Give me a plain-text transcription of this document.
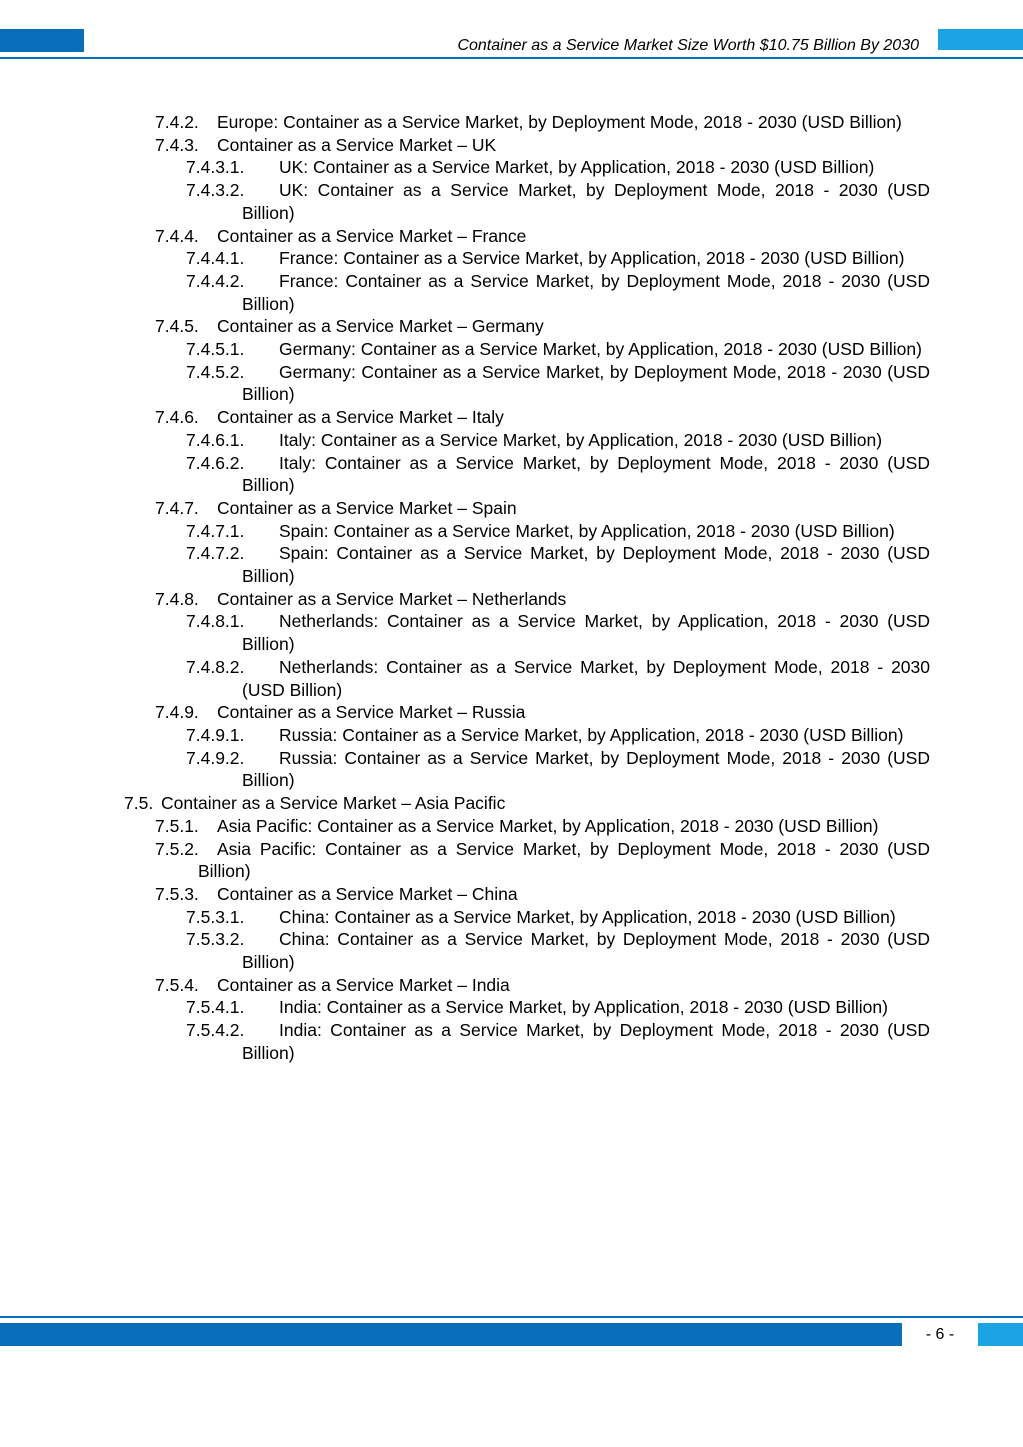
Container as a Service Market Size Worth $10.75 Billion By 2030
7.4.2. Europe: Container as a Service Market, by Deployment Mode, 2018 - 2030 (USD Billion)
7.4.3. Container as a Service Market – UK
7.4.3.1. UK: Container as a Service Market, by Application, 2018 - 2030 (USD Billion)
7.4.3.2. UK: Container as a Service Market, by Deployment Mode, 2018 - 2030 (USD Billion)
7.4.4. Container as a Service Market – France
7.4.4.1. France: Container as a Service Market, by Application, 2018 - 2030 (USD Billion)
7.4.4.2. France: Container as a Service Market, by Deployment Mode, 2018 - 2030 (USD Billion)
7.4.5. Container as a Service Market – Germany
7.4.5.1. Germany: Container as a Service Market, by Application, 2018 - 2030 (USD Billion)
7.4.5.2. Germany: Container as a Service Market, by Deployment Mode, 2018 - 2030 (USD Billion)
7.4.6. Container as a Service Market – Italy
7.4.6.1. Italy: Container as a Service Market, by Application, 2018 - 2030 (USD Billion)
7.4.6.2. Italy: Container as a Service Market, by Deployment Mode, 2018 - 2030 (USD Billion)
7.4.7. Container as a Service Market – Spain
7.4.7.1. Spain: Container as a Service Market, by Application, 2018 - 2030 (USD Billion)
7.4.7.2. Spain: Container as a Service Market, by Deployment Mode, 2018 - 2030 (USD Billion)
7.4.8. Container as a Service Market – Netherlands
7.4.8.1. Netherlands: Container as a Service Market, by Application, 2018 - 2030 (USD Billion)
7.4.8.2. Netherlands: Container as a Service Market, by Deployment Mode, 2018 - 2030 (USD Billion)
7.4.9. Container as a Service Market – Russia
7.4.9.1. Russia: Container as a Service Market, by Application, 2018 - 2030 (USD Billion)
7.4.9.2. Russia: Container as a Service Market, by Deployment Mode, 2018 - 2030 (USD Billion)
7.5. Container as a Service Market – Asia Pacific
7.5.1. Asia Pacific: Container as a Service Market, by Application, 2018 - 2030 (USD Billion)
7.5.2. Asia Pacific: Container as a Service Market, by Deployment Mode, 2018 - 2030 (USD Billion)
7.5.3. Container as a Service Market – China
7.5.3.1. China: Container as a Service Market, by Application, 2018 - 2030 (USD Billion)
7.5.3.2. China: Container as a Service Market, by Deployment Mode, 2018 - 2030 (USD Billion)
7.5.4. Container as a Service Market – India
7.5.4.1. India: Container as a Service Market, by Application, 2018 - 2030 (USD Billion)
7.5.4.2. India: Container as a Service Market, by Deployment Mode, 2018 - 2030 (USD Billion)
- 6 -
